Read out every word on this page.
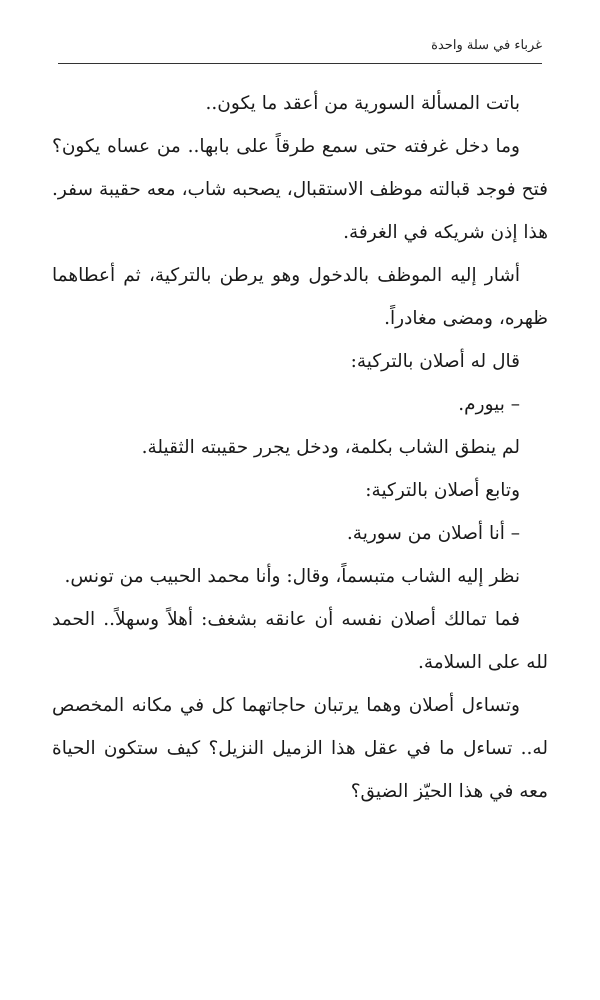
غرباء في سلة واحدة

باتت المسألة السورية من أعقد ما يكون..

وما دخل غرفته حتى سمع طرقاً على بابها.. من عساه يكون؟ فتح فوجد قبالته موظف الاستقبال، يصحبه شاب، معه حقيبة سفر. هذا إذن شريكه في الغرفة.

أشار إليه الموظف بالدخول وهو يرطن بالتركية، ثم أعطاهما ظهره، ومضى مغادراً.

قال له أصلان بالتركية:

– بيورم.

لم ينطق الشاب بكلمة، ودخل يجرر حقيبته الثقيلة.

وتابع أصلان بالتركية:

– أنا أصلان من سورية.

نظر إليه الشاب متبسماً، وقال: وأنا محمد الحبيب من تونس.

فما تمالك أصلان نفسه أن عانقه بشغف: أهلاً وسهلاً.. الحمد لله على السلامة.

وتساءل أصلان وهما يرتبان حاجاتهما كل في مكانه المخصص له.. تساءل ما في عقل هذا الزميل النزيل؟ كيف ستكون الحياة معه في هذا الحيّز الضيق؟
